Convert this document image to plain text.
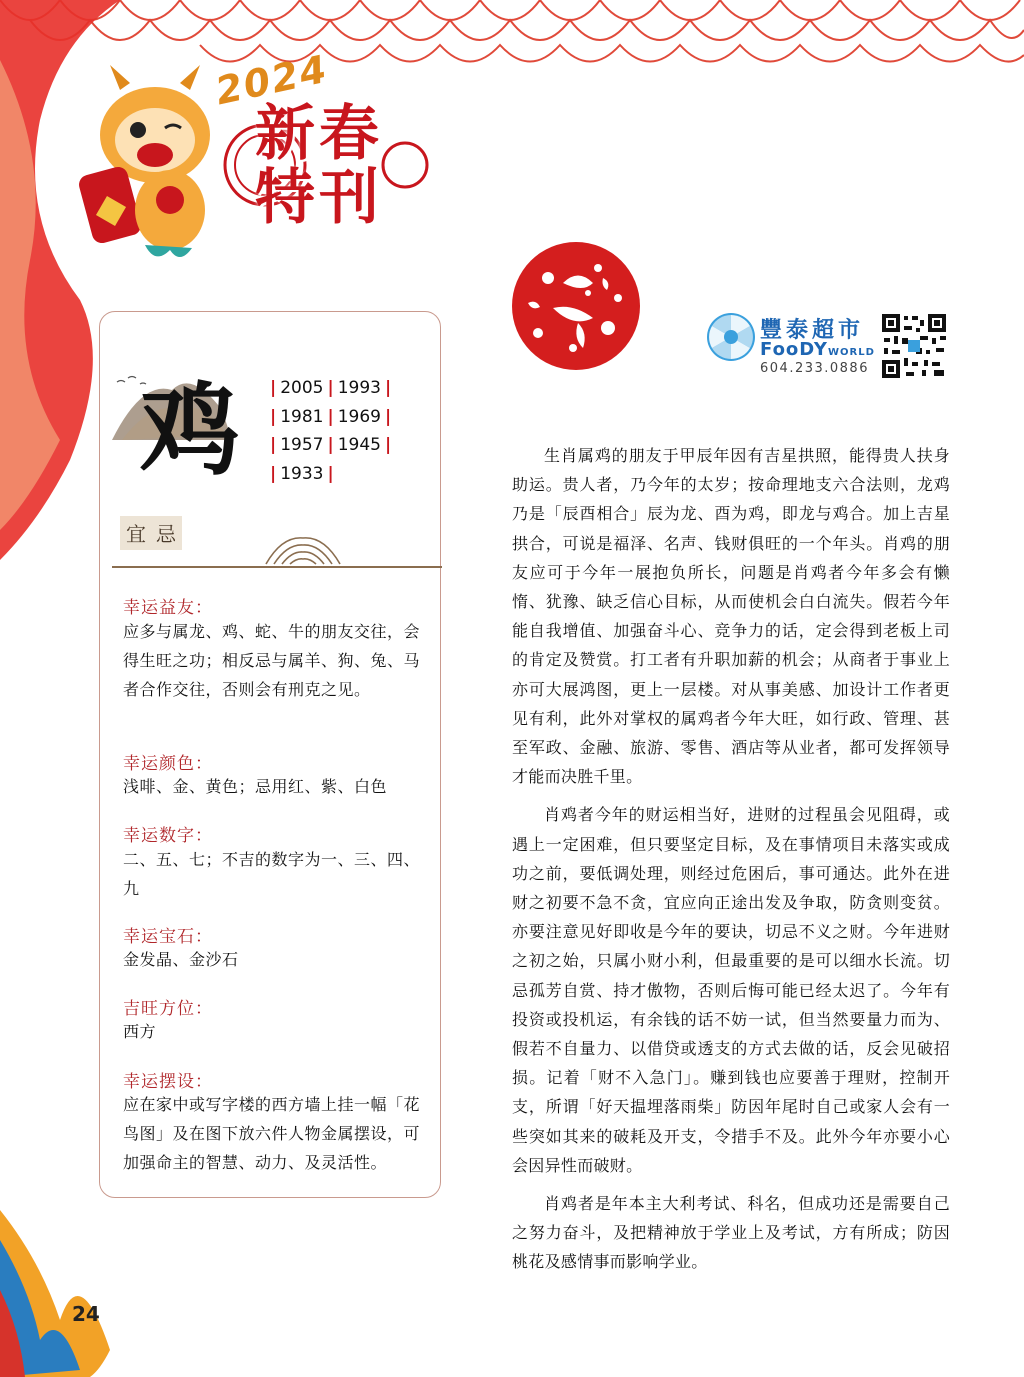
2024
新春
特刊
豐泰超市
FooDYWORLD
604.233.0886
鸡 | 2005 | 1993 |
| 1981 | 1969 |
| 1957 | 1945 |
| 1933 |
宜 忌
幸运益友：
应多与属龙、鸡、蛇、牛的朋友交往，会得生旺之功；相反忌与属羊、狗、兔、马者合作交往，否则会有刑克之见。
幸运颜色：
浅啡、金、黄色；忌用红、紫、白色
幸运数字：
二、五、七；不吉的数字为一、三、四、九
幸运宝石：
金发晶、金沙石
吉旺方位：
西方
幸运摆设：
应在家中或写字楼的西方墙上挂一幅「花鸟图」及在图下放六件人物金属摆设，可加强命主的智慧、动力、及灵活性。

生肖属鸡的朋友于甲辰年因有吉星拱照，能得贵人扶身助运。贵人者，乃今年的太岁；按命理地支六合法则，龙鸡乃是「辰酉相合」辰为龙、酉为鸡，即龙与鸡合。加上吉星拱合，可说是福泽、名声、钱财俱旺的一个年头。肖鸡的朋友应可于今年一展抱负所长，问题是肖鸡者今年多会有懒惰、犹豫、缺乏信心目标，从而使机会白白流失。假若今年能自我增值、加强奋斗心、竞争力的话，定会得到老板上司的肯定及赞赏。打工者有升职加薪的机会；从商者于事业上亦可大展鸿图，更上一层楼。对从事美感、加设计工作者更见有利，此外对掌权的属鸡者今年大旺，如行政、管理、甚至军政、金融、旅游、零售、酒店等从业者，都可发挥领导才能而决胜千里。

肖鸡者今年的财运相当好，进财的过程虽会见阻碍，或遇上一定困难，但只要坚定目标，及在事情项目未落实或成功之前，要低调处理，则经过危困后，事可通达。此外在进财之初要不急不贪，宜应向正途出发及争取，防贪则变贫。亦要注意见好即收是今年的要诀，切忌不义之财。今年进财之初之始，只属小财小利，但最重要的是可以细水长流。切忌孤芳自赏、持才傲物，否则后悔可能已经太迟了。今年有投资或投机运，有余钱的话不妨一试，但当然要量力而为、假若不自量力、以借贷或透支的方式去做的话，反会见破招损。记着「财不入急门」。赚到钱也应要善于理财，控制开支，所谓「好天揾埋落雨柴」防因年尾时自己或家人会有一些突如其来的破耗及开支，令措手不及。此外今年亦要小心会因异性而破财。

肖鸡者是年本主大利考试、科名，但成功还是需要自己之努力奋斗，及把精神放于学业上及考试，方有所成；防因桃花及感情事而影响学业。

24
